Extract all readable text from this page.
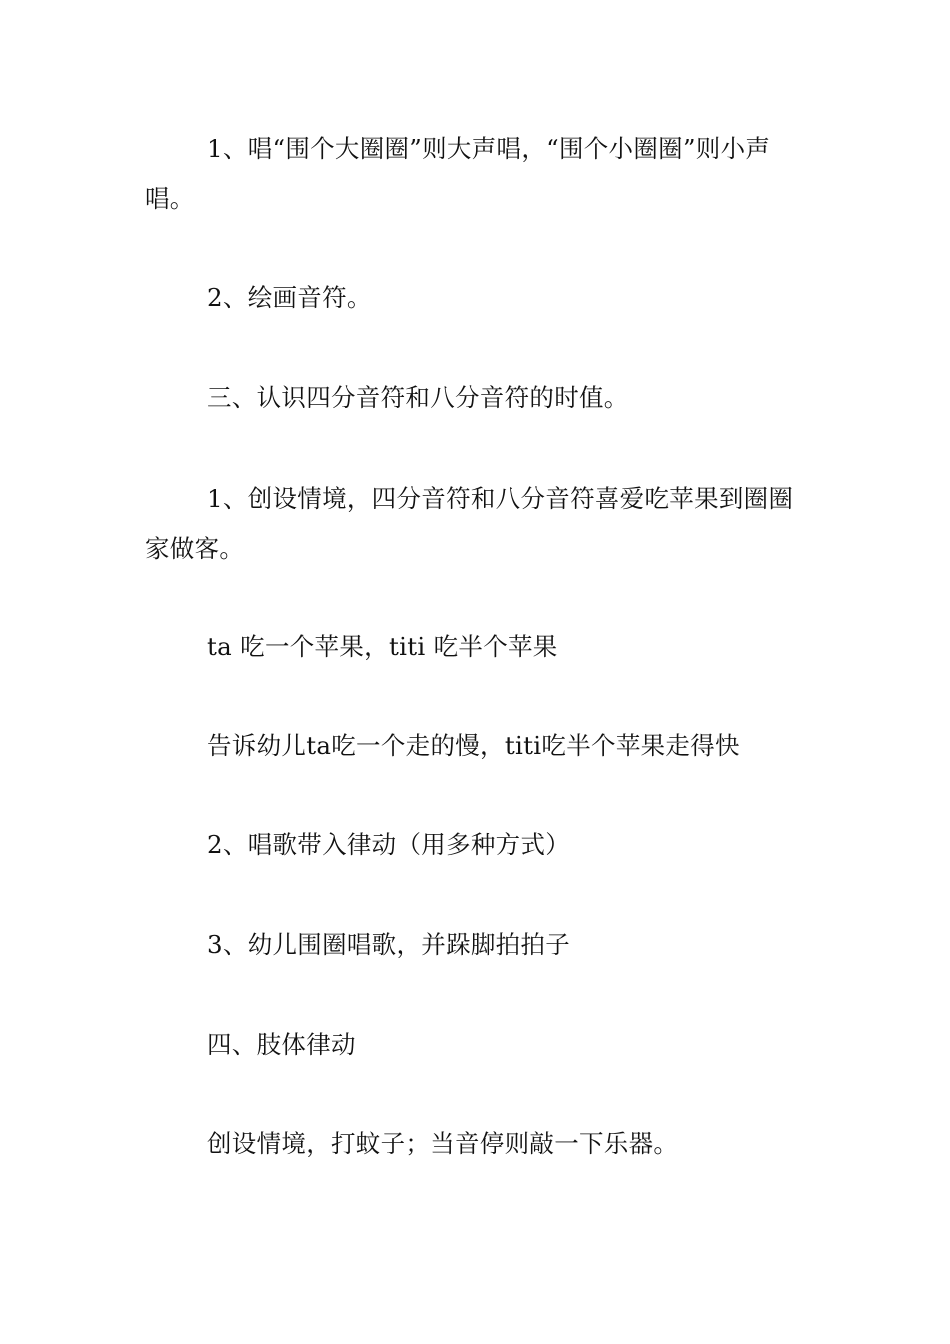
1、唱“围个大圈圈”则大声唱，“围个小圈圈”则小声唱。

2、绘画音符。

三、认识四分音符和八分音符的时值。

1、创设情境，四分音符和八分音符喜爱吃苹果到圈圈家做客。

ta 吃一个苹果，titi 吃半个苹果

告诉幼儿ta吃一个走的慢，titi吃半个苹果走得快

2、唱歌带入律动（用多种方式）

3、幼儿围圈唱歌，并跺脚拍拍子

四、肢体律动

创设情境，打蚊子；当音停则敲一下乐器。
